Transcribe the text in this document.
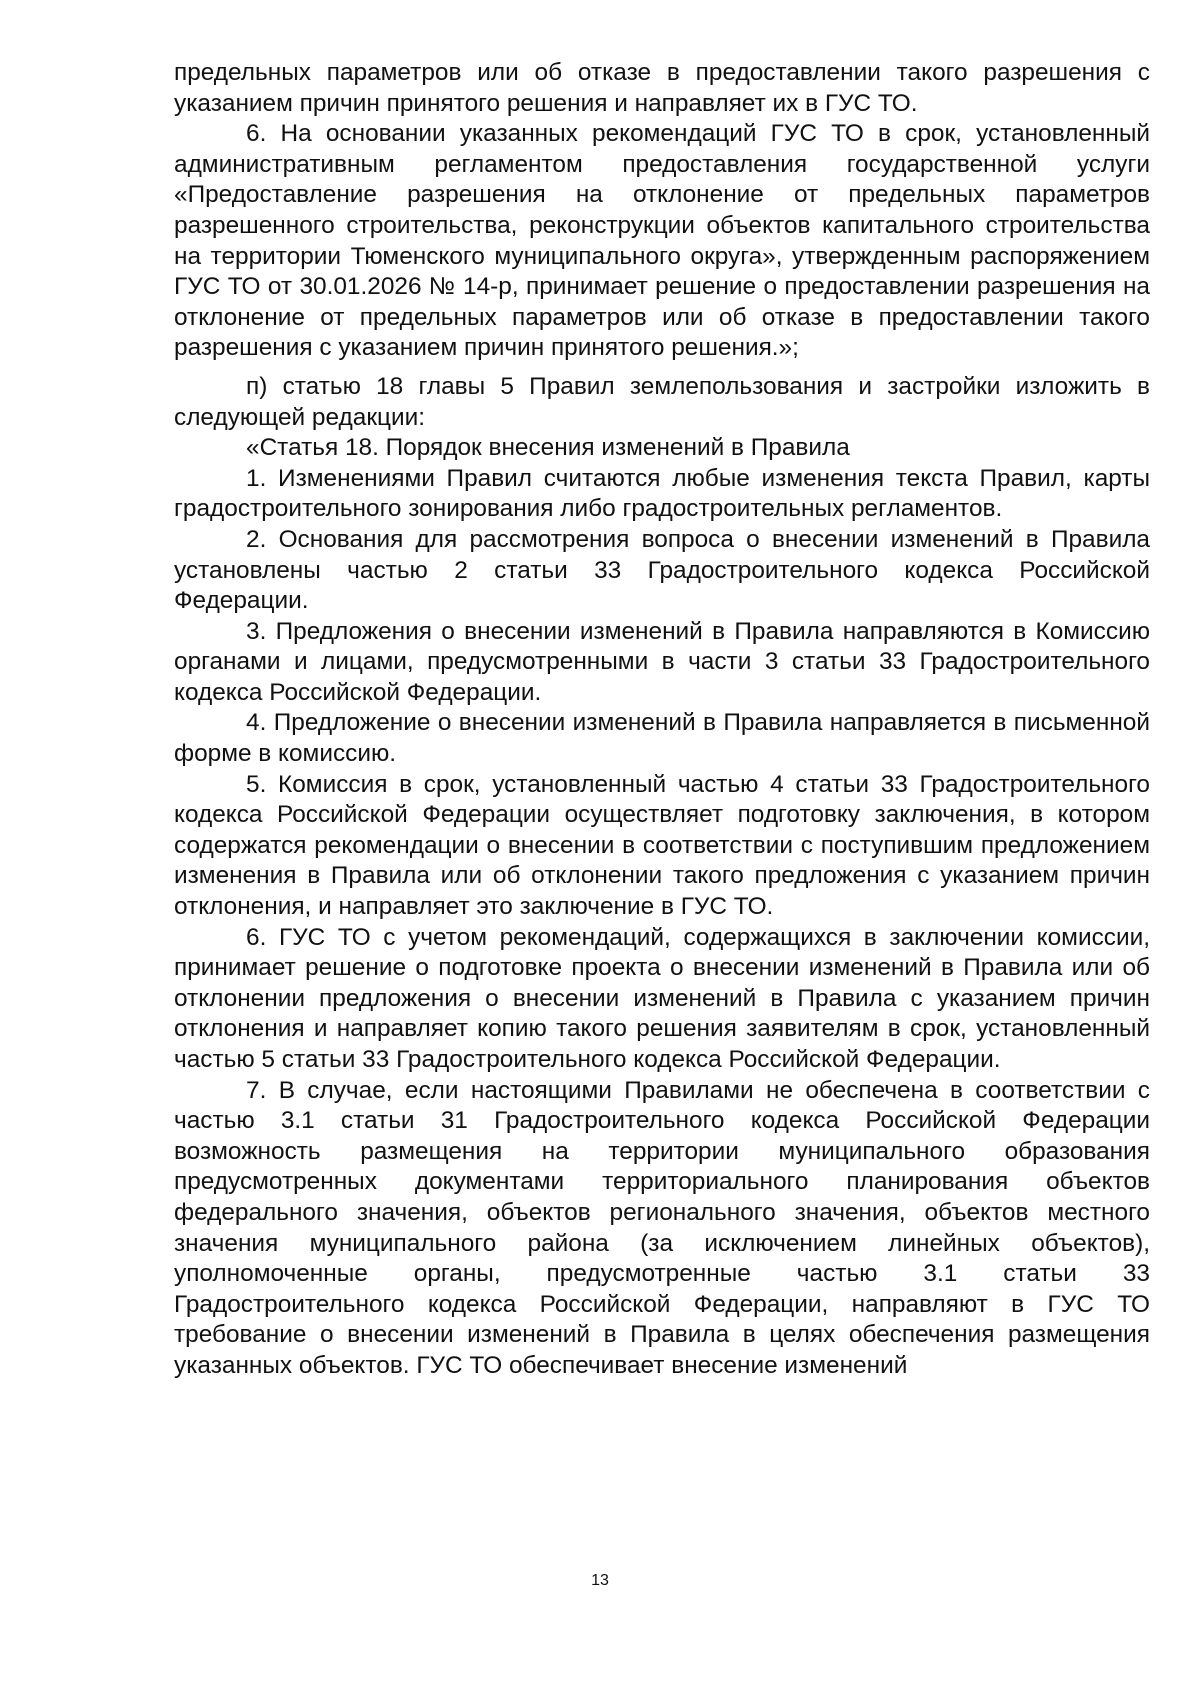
предельных параметров или об отказе в предоставлении такого разрешения с указанием причин принятого решения и направляет их в ГУС ТО.

6. На основании указанных рекомендаций ГУС ТО в срок, установленный административным регламентом предоставления государственной услуги «Предоставление разрешения на отклонение от предельных параметров разрешенного строительства, реконструкции объектов капитального строительства на территории Тюменского муниципального округа», утвержденным распоряжением ГУС ТО от 30.01.2026 № 14-р, принимает решение о предоставлении разрешения на отклонение от предельных параметров или об отказе в предоставлении такого разрешения с указанием причин принятого решения.»;

п) статью 18 главы 5 Правил землепользования и застройки изложить в следующей редакции:

«Статья 18. Порядок внесения изменений в Правила

1. Изменениями Правил считаются любые изменения текста Правил, карты градостроительного зонирования либо градостроительных регламентов.

2. Основания для рассмотрения вопроса о внесении изменений в Правила установлены частью 2 статьи 33 Градостроительного кодекса Российской Федерации.

3. Предложения о внесении изменений в Правила направляются в Комиссию органами и лицами, предусмотренными в части 3 статьи 33 Градостроительного кодекса Российской Федерации.

4. Предложение о внесении изменений в Правила направляется в письменной форме в комиссию.

5. Комиссия в срок, установленный частью 4 статьи 33 Градостроительного кодекса Российской Федерации осуществляет подготовку заключения, в котором содержатся рекомендации о внесении в соответствии с поступившим предложением изменения в Правила или об отклонении такого предложения с указанием причин отклонения, и направляет это заключение в ГУС ТО.

6. ГУС ТО с учетом рекомендаций, содержащихся в заключении комиссии, принимает решение о подготовке проекта о внесении изменений в Правила или об отклонении предложения о внесении изменений в Правила с указанием причин отклонения и направляет копию такого решения заявителям в срок, установленный частью 5 статьи 33 Градостроительного кодекса Российской Федерации.

7. В случае, если настоящими Правилами не обеспечена в соответствии с частью 3.1 статьи 31 Градостроительного кодекса Российской Федерации возможность размещения на территории муниципального образования предусмотренных документами территориального планирования объектов федерального значения, объектов регионального значения, объектов местного значения муниципального района (за исключением линейных объектов), уполномоченные органы, предусмотренные частью 3.1 статьи 33 Градостроительного кодекса Российской Федерации, направляют в ГУС ТО требование о внесении изменений в Правила в целях обеспечения размещения указанных объектов. ГУС ТО обеспечивает внесение изменений

13
